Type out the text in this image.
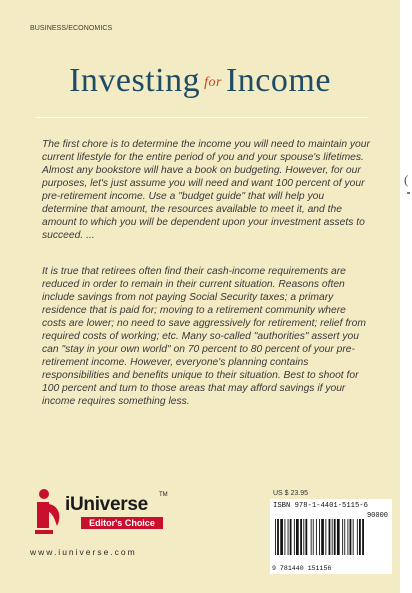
BUSINESS/ECONOMICS
Investing for Income
The first chore is to determine the income you will need to maintain your current lifestyle for the entire period of you and your spouse's lifetimes. Almost any bookstore will have a book on budgeting. However, for our purposes, let's just assume you will need and want 100 percent of your pre-retirement income. Use a "budget guide" that will help you determine that amount, the resources available to meet it, and the amount to which you will be dependent upon your investment assets to succeed. ...
It is true that retirees often find their cash-income requirements are reduced in order to remain in their current situation. Reasons often include savings from not paying Social Security taxes; a primary residence that is paid for; moving to a retirement community where costs are lower; no need to save aggressively for retirement; relief from required costs of working; etc. Many so-called "authorities" assert you can "stay in your own world" on 70 percent to 80 percent of your pre-retirement income. However, everyone's planning contains responsibilities and benefits unique to their situation. Best to shoot for 100 percent and turn to those areas that may afford savings if your income requires something less.
iUniverse TM
Editor's Choice
www.iuniverse.com
US $ 23.95
ISBN 978-1-4401-5115-6
90000
9 781440 151156
(
